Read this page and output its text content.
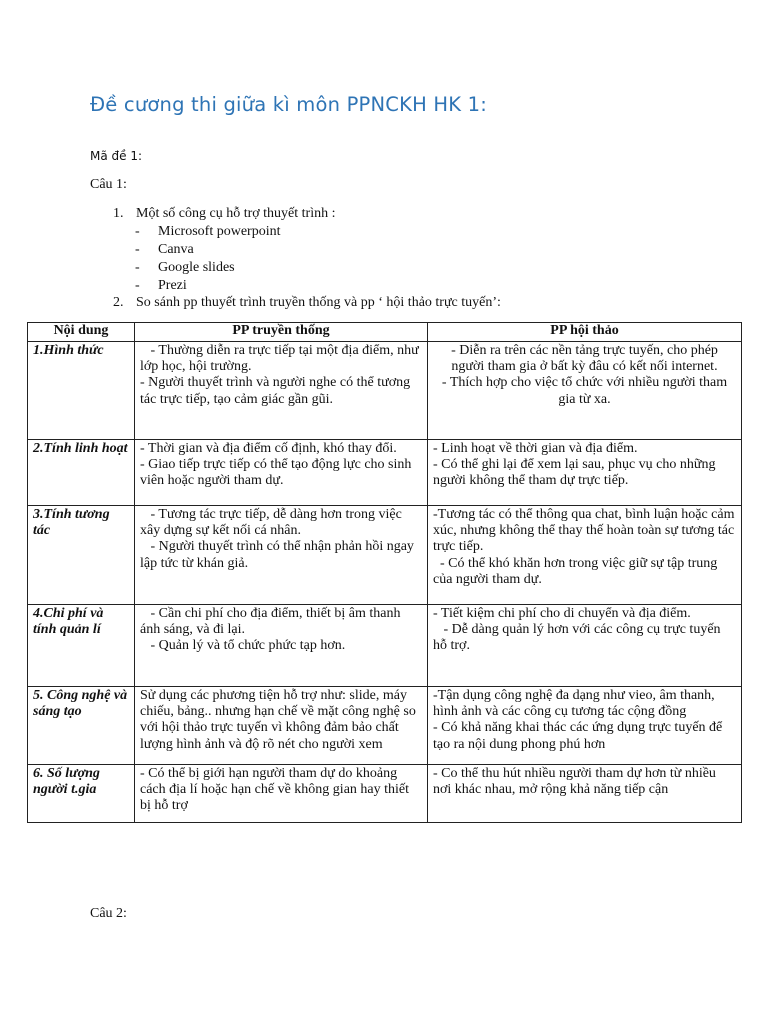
Đề cương thi giữa kì môn PPNCKH HK 1:
Mã đề 1:
Câu 1:
1. Một số công cụ hỗ trợ thuyết trình :
- Microsoft powerpoint
- Canva
- Google slides
- Prezi
2. So sánh pp thuyết trình truyền thống và pp ‘ hội thảo trực tuyến’:
Nội dung	PP truyền thống	PP hội thảo
1.Hình thức	- Thường diễn ra trực tiếp tại một địa điểm, như lớp học, hội trường.
- Người thuyết trình và người nghe có thể tương tác trực tiếp, tạo cảm giác gần gũi.	- Diễn ra trên các nền tảng trực tuyến, cho phép người tham gia ở bất kỳ đâu có kết nối internet.
- Thích hợp cho việc tổ chức với nhiều người tham gia từ xa.

2.Tính linh hoạt	- Thời gian và địa điểm cố định, khó thay đổi.
- Giao tiếp trực tiếp có thể tạo động lực cho sinh viên hoặc người tham dự.	- Linh hoạt về thời gian và địa điểm.
- Có thể ghi lại để xem lại sau, phục vụ cho những người không thể tham dự trực tiếp.

3.Tính tương tác	- Tương tác trực tiếp, dễ dàng hơn trong việc xây dựng sự kết nối cá nhân.
- Người thuyết trình có thể nhận phản hồi ngay lập tức từ khán giả.	-Tương tác có thể thông qua chat, bình luận hoặc cảm xúc, nhưng không thể thay thế hoàn toàn sự tương tác trực tiếp.
- Có thể khó khăn hơn trong việc giữ sự tập trung của người tham dự.

4.Chi phí và tính quản lí	- Cần chi phí cho địa điểm, thiết bị âm thanh ánh sáng, và đi lại.
- Quản lý và tổ chức phức tạp hơn.	- Tiết kiệm chi phí cho di chuyển và địa điểm.
- Dễ dàng quản lý hơn với các công cụ trực tuyến hỗ trợ.

5. Công nghệ và sáng tạo	Sử dụng các phương tiện hỗ trợ như: slide, máy chiếu, bảng.. nhưng hạn chế về mặt công nghệ so với hội thảo trực tuyến vì không đảm bảo chất lượng hình ảnh và độ rõ nét cho người xem	-Tận dụng công nghệ đa dạng như vieo, âm thanh, hình ảnh và các công cụ tương tác cộng đồng
- Có khả năng khai thác các ứng dụng trực tuyến để tạo ra nội dung phong phú hơn

6. Số lượng người t.gia	- Có thể bị giới hạn người tham dự do khoảng cách địa lí hoặc hạn chế về không gian hay thiết bị hỗ trợ	- Co thể thu hút nhiều người tham dự hơn từ nhiều nơi khác nhau, mở rộng khả năng tiếp cận
Câu 2:
